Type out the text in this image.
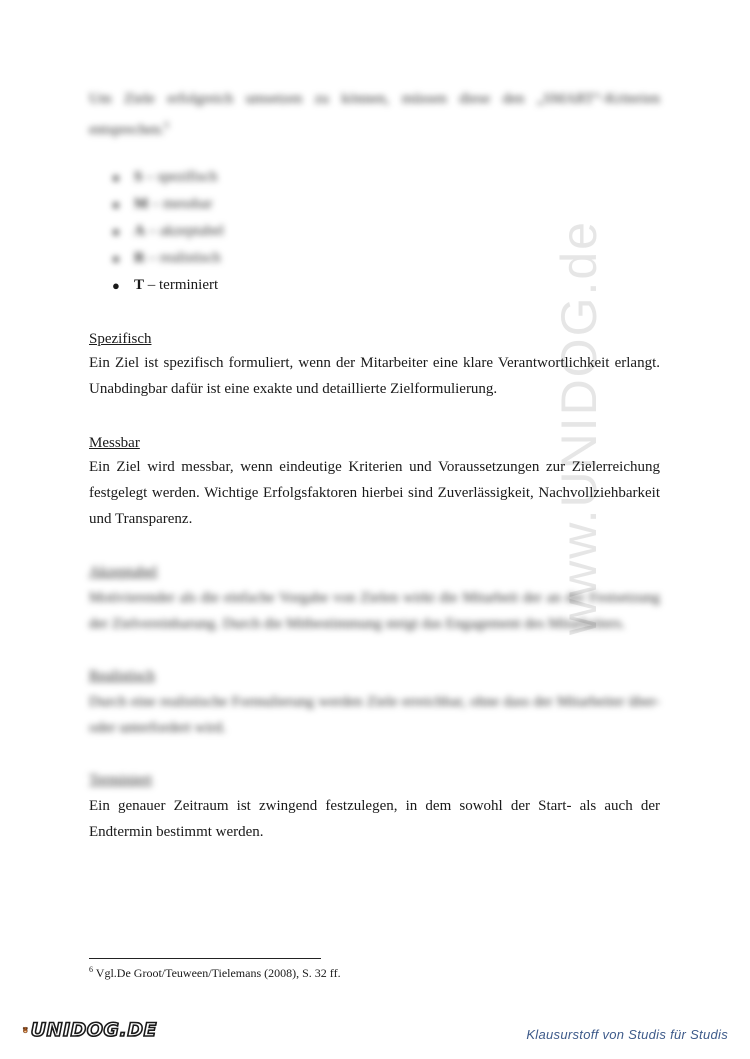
www.UNIDOG.de

Um Ziele erfolgreich umsetzen zu können, müssen diese den „SMART“-Kriterien entsprechen.$^6$

● S – spezifisch
● M – messbar
● A – akzeptabel
● R – realistisch
● T – terminiert

Spezifisch

Ein Ziel ist spezifisch formuliert, wenn der Mitarbeiter eine klare Verantwortlichkeit erlangt. Unabdingbar dafür ist eine exakte und detaillierte Zielformulierung.

Messbar

Ein Ziel wird messbar, wenn eindeutige Kriterien und Voraussetzungen zur Zielerreichung festgelegt werden. Wichtige Erfolgsfaktoren hierbei sind Zuverlässigkeit, Nachvollziehbarkeit und Transparenz.

Akzeptabel

Motivierender als die einfache Vorgabe von Zielen wirkt die Mitarbeit der an der Festsetzung der Zielvereinbarung. Durch die Mitbestimmung steigt das Engagement des Mitarbeiters.

Realistisch

Durch eine realistische Formulierung werden Ziele erreichbar, ohne dass der Mitarbeiter über- oder unterfordert wird.

Terminiert

Ein genauer Zeitraum ist zwingend festzulegen, in dem sowohl der Start- als auch der Endtermin bestimmt werden.

$^6$ Vgl.De Groot/Teuween/Tielemans (2008), S. 32 ff.
UNIDOG.DE	Klausurstoff von Studis für Studis
